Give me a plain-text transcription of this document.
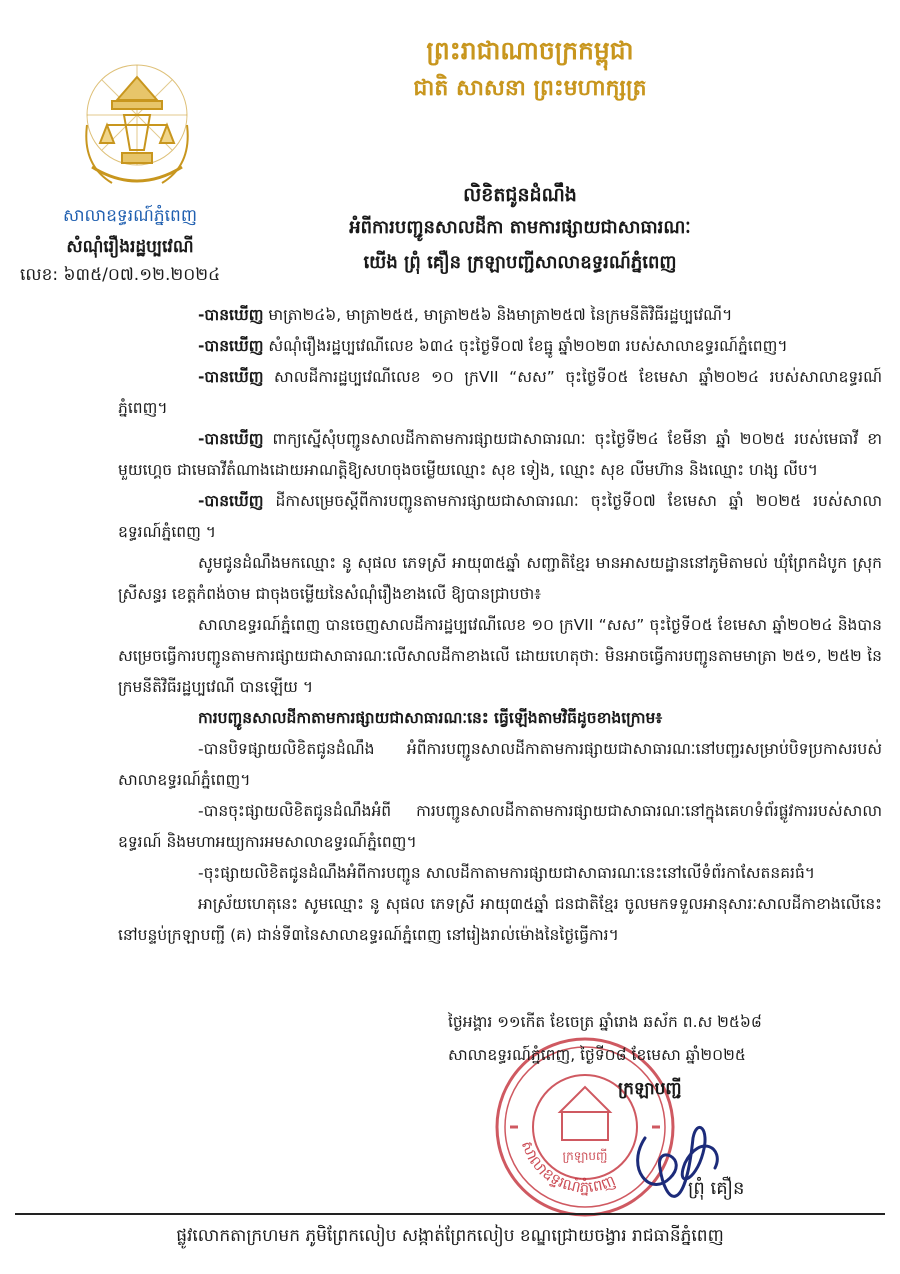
ព្រះរាជាណាចក្រកម្ពុជា
ជាតិ សាសនា ព្រះមហាក្សត្រ
សាលាឧទ្ធរណ៍ភ្នំពេញ
សំណុំរឿងរដ្ឋប្បវេណី
លេខ: ៦៣៥/០៧.១២.២០២៤
លិខិតជូនដំណឹង
អំពីការបញ្ជូនសាលដីកា តាមការផ្សាយជាសាធារណៈ
យើង ព្រុំ គឿន ក្រឡាបញ្ជីសាលាឧទ្ធរណ៍ភ្នំពេញ

-បានឃើញ មាត្រា២៤៦, មាត្រា២៥៥, មាត្រា២៥៦ និងមាត្រា២៥៧ នៃក្រមនីតិវិធីរដ្ឋប្បវេណី។

-បានឃើញ សំណុំរឿងរដ្ឋប្បវេណីលេខ ៦៣៤ ចុះថ្ងៃទី០៧ ខែធ្នូ ឆ្នាំ២០២៣ របស់សាលាឧទ្ធរណ៍ភ្នំពេញ។

-បានឃើញ សាលដីការដ្ឋប្បវេណីលេខ ១០ ក្រVII “សស” ចុះថ្ងៃទី០៥ ខែមេសា ឆ្នាំ២០២៤ របស់សាលាឧទ្ធរណ៍ភ្នំពេញ។

-បានឃើញ ពាក្យស្នើសុំបញ្ជូនសាលដីកាតាមការផ្សាយជាសាធារណៈ ចុះថ្ងៃទី២៤ ខែមីនា ឆ្នាំ ២០២៥ របស់មេធាវី ខា មួយហ្គេច ជាមេធាវីតំណាងដោយអាណត្តិឱ្យសហចុងចម្លើយឈ្មោះ សុខ ទៀង, ឈ្មោះ សុខ លីមហ៊ាន និងឈ្មោះ ហង្ស លីប។

-បានឃើញ ដីកាសម្រេចស្តីពីការបញ្ជូនតាមការផ្សាយជាសាធារណៈ ចុះថ្ងៃទី០៧ ខែមេសា ឆ្នាំ ២០២៥ របស់សាលាឧទ្ធរណ៍ភ្នំពេញ ។

សូមជូនដំណឹងមកឈ្មោះ នូ សុផល ភេទស្រី អាយុ៣៥ឆ្នាំ សញ្ជាតិខ្មែរ មានអាសយដ្ឋាននៅភូមិតាមល់ ឃុំព្រែកដំបូក ស្រុកស្រីសន្ធរ ខេត្តកំពង់ចាម ជាចុងចម្លើយនៃសំណុំរឿងខាងលើ ឱ្យបានជ្រាបថា៖

សាលាឧទ្ធរណ៍ភ្នំពេញ បានចេញសាលដីការដ្ឋប្បវេណីលេខ ១០ ក្រVII “សស” ចុះថ្ងៃទី០៥ ខែមេសា ឆ្នាំ២០២៤ និងបានសម្រេចធ្វើការបញ្ជូនតាមការផ្សាយជាសាធារណៈលើសាលដីកាខាងលើ ដោយហេតុថា: មិនអាចធ្វើការបញ្ជូនតាមមាត្រា ២៥១, ២៥២ នៃក្រមនីតិវិធីរដ្ឋប្បវេណី បានឡើយ ។

ការបញ្ជូនសាលដីកាតាមការផ្សាយជាសាធារណៈនេះ ធ្វើឡើងតាមវិធីដូចខាងក្រោម៖

-បានបិទផ្សាយលិខិតជូនដំណឹង អំពីការបញ្ជូនសាលដីកាតាមការផ្សាយជាសាធារណៈនៅបញ្ជរសម្រាប់បិទប្រកាសរបស់សាលាឧទ្ធរណ៍ភ្នំពេញ។

-បានចុះផ្សាយលិខិតជូនដំណឹងអំពី ការបញ្ជូនសាលដីកាតាមការផ្សាយជាសាធារណៈនៅក្នុងគេហទំព័រផ្លូវការរបស់សាលាឧទ្ធរណ៍ និងមហាអយ្យការអមសាលាឧទ្ធរណ៍ភ្នំពេញ។

-ចុះផ្សាយលិខិតជូនដំណឹងអំពីការបញ្ជូន សាលដីកាតាមការផ្សាយជាសាធារណៈនេះនៅលើទំព័រកាសែតនគរធំ។

អាស្រ័យហេតុនេះ សូមឈ្មោះ នូ សុផល ភេទស្រី អាយុ៣៥ឆ្នាំ ជនជាតិខ្មែរ ចូលមកទទួលអានុសារៈសាលដីកាខាងលើនេះនៅបន្ទប់ក្រឡាបញ្ជី (គ) ជាន់ទី៣នៃសាលាឧទ្ធរណ៍ភ្នំពេញ នៅរៀងរាល់ម៉ោងនៃថ្ងៃធ្វើការ។

សាលាឧទ្ធរណ៍ភ្នំពេញ
ក្រឡាបញ្ជី
ថ្ងៃអង្គារ ១១កើត ខែចេត្រ ឆ្នាំរោង ឆស័ក ព.ស ២៥៦៨
សាលាឧទ្ធរណ៍ភ្នំពេញ, ថ្ងៃទី០៨ ខែមេសា ឆ្នាំ២០២៥
ក្រឡាបញ្ជី
ព្រុំ គឿន
ផ្លូវលោកតាក្រហមក ភូមិព្រែកលៀប សង្កាត់ព្រែកលៀប ខណ្ឌជ្រោយចង្វារ រាជធានីភ្នំពេញ
